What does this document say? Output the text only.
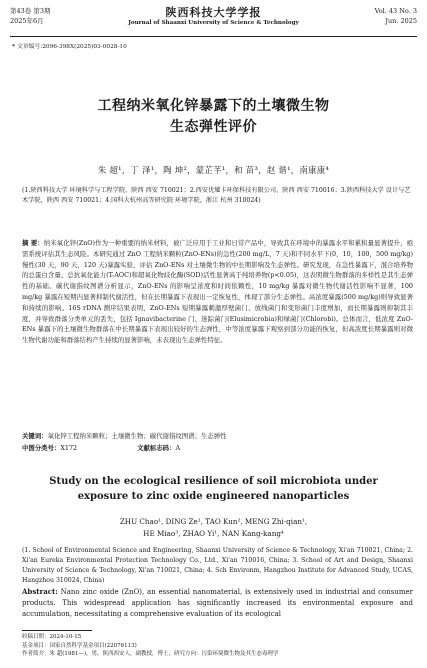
第43卷 第3期
2025年6月
陕西科技大学学报
Journal of Shaanxi University of Science & Technology
Vol. 43 No. 3
Jun. 2025
* 文章编号:2096-398X(2025)03-0028-10
工程纳米氧化锌暴露下的土壤微生物
生态弹性评价
朱 超¹，丁 泽¹，陶 坤²，蒙芷芊¹，和 苗³，赵 谐¹，南康康⁴
(1.陕西科技大学 环境科学与工程学院，陕西 西安 710021；2.西安优耀卡环保科技有限公司，陕西 西安 710016；3.陕西科技大学 设计与艺术学院，陕西 西安 710021；4.国科大杭州高等研究院 环境学院，浙江 杭州 310024)
摘 要：纳米氧化锌(ZnO)作为一种重要的纳米材料，被广泛应用于工业和日常产品中，导致其在环境中的暴露水平和累积量显著提升，亟需系统评估其生态风险。本研究通过 ZnO 工程纳米颗粒(ZnO-ENs)的急性(200 mg/L，7 天)和不同水平下(0，10，100，500 mg/kg)慢性(30 天，90 天，120 天)暴露实验，评估 ZnO-ENs 对土壤微生物的中长期影响及生态弹性。研究发现，在急性暴露下，混合培养物的总蛋白含量、总抗氧化能力(T-AOC)和超氧化物歧化酶(SOD)活性显著高于纯培养物(p<0.05)，这表明微生物群落的多样性是其生态弹性的基础。碳代谢指纹图谱分析显示，ZnO-ENs 的影响呈浓度和时间依赖性，10 mg/kg 暴露对微生物代谢活性影响不显著，100 mg/kg 暴露在短期内显著抑制代谢活性，但在长期暴露下表现出一定恢复性，体现了部分生态弹性。高浓度暴露(500 mg/kg)则导致显著和持续的影响。16S rDNA 测序结果表明，ZnO-ENs 短期暴露刺激厚壁菌门、放线菌门和变形菌门丰度增加，而长期暴露则抑制其丰度，并导致群落分类单元的丢失，包括 Ignavibacterine 门、迷踪菌门(Elusimicrobia)和绿菌门(Chlorobi)。总体而言，低浓度 ZnO-ENs 暴露下的土壤微生物群落在中长期暴露下表现出较好的生态弹性，中等浓度暴露下观察到部分功能的恢复，但高浓度长期暴露则对微生物代谢功能和群落结构产生持续的显著影响，未表现出生态弹性特征。
关键词：氧化锌工程纳米颗粒；土壤微生物；碳代谢指纹图谱；生态弹性
中图分类号：X172	文献标志码：A
Study on the ecological resilience of soil microbiota under
exposure to zinc oxide engineered nanoparticles
ZHU Chao¹, DING Ze¹, TAO Kun², MENG Zhi-qian¹,
HE Miao³, ZHAO Yi¹, NAN Kang-kang⁴
(1. School of Environmental Science and Engineering, Shaanxi University of Science & Technology, Xi'an 710021, China; 2. Xi'an Eureka Environmental Protection Technology Co., Ltd., Xi'an 710016, China; 3. School of Art and Design, Shaanxi University of Science & Technology, Xi'an 710021, China; 4. Sch Environm, Hangzhou Institute for Advanced Study, UCAS, Hangzhou 310024, China)
Abstract: Nano zinc oxide (ZnO), an essential nanomaterial, is extensively used in industrial and consumer products. This widespread application has significantly increased its environmental exposure and accumulation, necessitating a comprehensive evaluation of its ecological
收稿日期：2024-10-15
基金项目：国家自然科学基金项目(22076113)
作者简介：朱 超(1981—)，男，陕西西安人，副教授，博士，研究方向：污染环境微生物及其生态毒理学
